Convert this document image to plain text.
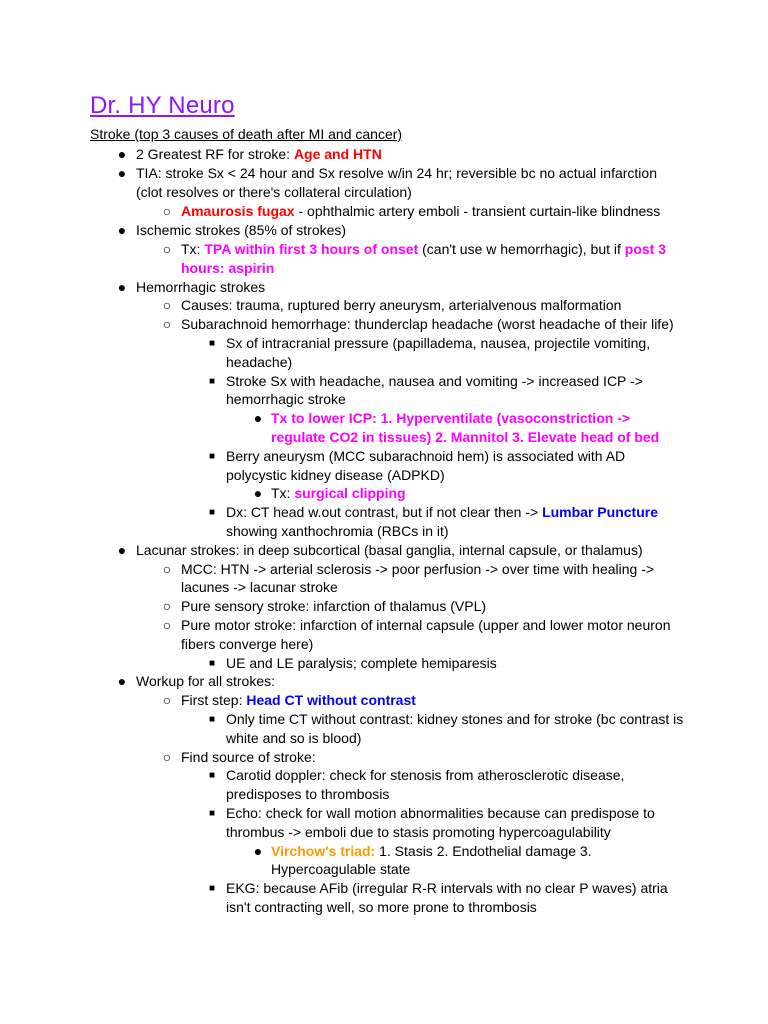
Dr. HY Neuro
Stroke (top 3 causes of death after MI and cancer)
● 2 Greatest RF for stroke: Age and HTN
● TIA: stroke Sx < 24 hour and Sx resolve w/in 24 hr; reversible bc no actual infarction
(clot resolves or there's collateral circulation)
○ Amaurosis fugax - ophthalmic artery emboli - transient curtain-like blindness
● Ischemic strokes (85% of strokes)
○ Tx: TPA within first 3 hours of onset (can't use w hemorrhagic), but if post 3
hours: aspirin
● Hemorrhagic strokes
○ Causes: trauma, ruptured berry aneurysm, arterialvenous malformation
○ Subarachnoid hemorrhage: thunderclap headache (worst headache of their life)
■ Sx of intracranial pressure (papilladema, nausea, projectile vomiting,
headache)
■ Stroke Sx with headache, nausea and vomiting -> increased ICP ->
hemorrhagic stroke
● Tx to lower ICP: 1. Hyperventilate (vasoconstriction ->
regulate CO2 in tissues) 2. Mannitol 3. Elevate head of bed
■ Berry aneurysm (MCC subarachnoid hem) is associated with AD
polycystic kidney disease (ADPKD)
● Tx: surgical clipping
■ Dx: CT head w.out contrast, but if not clear then -> Lumbar Puncture
showing xanthochromia (RBCs in it)
● Lacunar strokes: in deep subcortical (basal ganglia, internal capsule, or thalamus)
○ MCC: HTN -> arterial sclerosis -> poor perfusion -> over time with healing ->
lacunes -> lacunar stroke
○ Pure sensory stroke: infarction of thalamus (VPL)
○ Pure motor stroke: infarction of internal capsule (upper and lower motor neuron
fibers converge here)
■ UE and LE paralysis; complete hemiparesis
● Workup for all strokes:
○ First step: Head CT without contrast
■ Only time CT without contrast: kidney stones and for stroke (bc contrast is
white and so is blood)
○ Find source of stroke:
■ Carotid doppler: check for stenosis from atherosclerotic disease,
predisposes to thrombosis
■ Echo: check for wall motion abnormalities because can predispose to
thrombus -> emboli due to stasis promoting hypercoagulability
● Virchow's triad: 1. Stasis 2. Endothelial damage 3.
Hypercoagulable state
■ EKG: because AFib (irregular R-R intervals with no clear P waves) atria
isn't contracting well, so more prone to thrombosis
